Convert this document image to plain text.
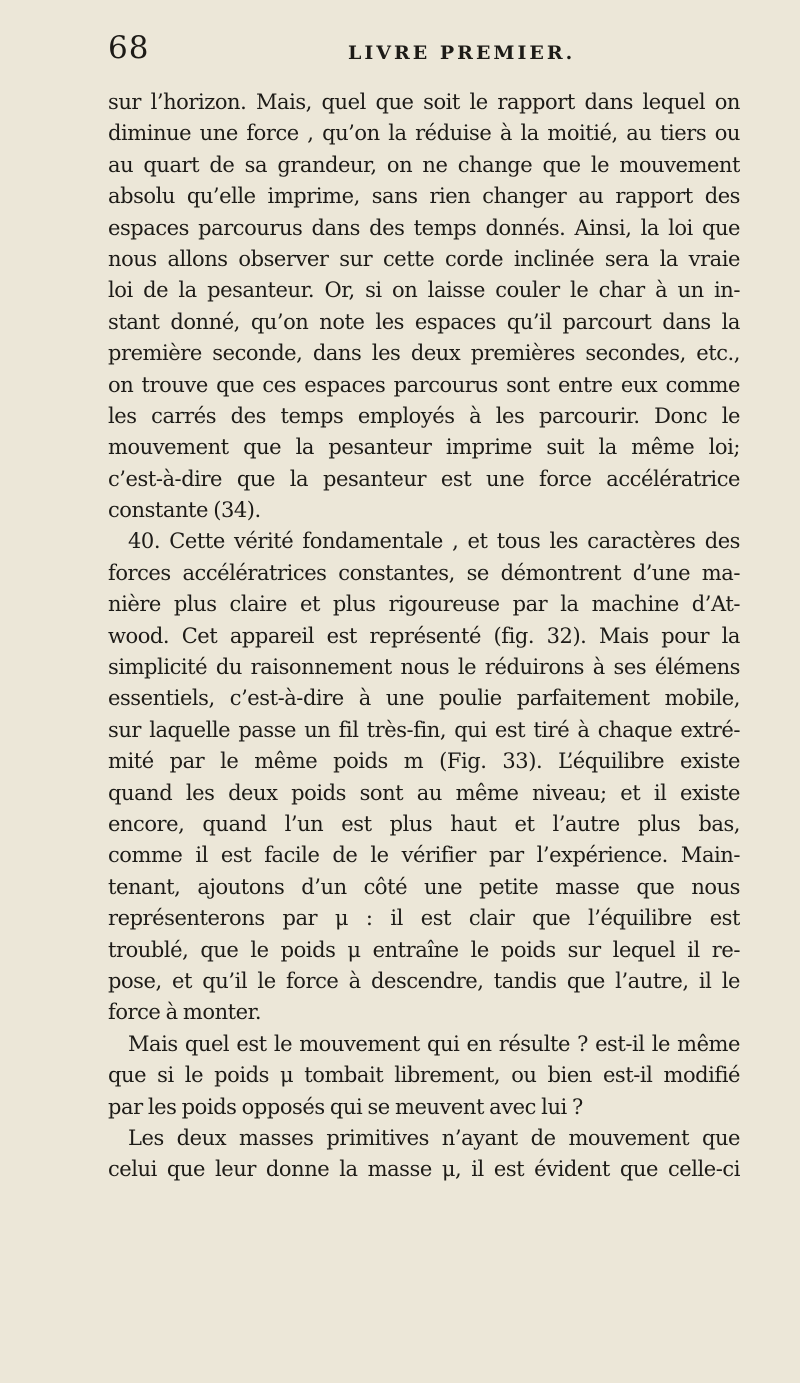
68	LIVRE PREMIER.
sur l’horizon. Mais, quel que soit le rapport dans lequel on
diminue une force , qu’on la réduise à la moitié, au tiers ou
au quart de sa grandeur, on ne change que le mouvement
absolu qu’elle imprime, sans rien changer au rapport des
espaces parcourus dans des temps donnés. Ainsi, la loi que
nous allons observer sur cette corde inclinée sera la vraie
loi de la pesanteur. Or, si on laisse couler le char à un in-
stant donné, qu’on note les espaces qu’il parcourt dans la
première seconde, dans les deux premières secondes, etc.,
on trouve que ces espaces parcourus sont entre eux comme
les carrés des temps employés à les parcourir. Donc le
mouvement que la pesanteur imprime suit la même loi;
c’est-à-dire que la pesanteur est une force accélératrice
constante (34).
40. Cette vérité fondamentale , et tous les caractères des
forces accélératrices constantes, se démontrent d’une ma-
nière plus claire et plus rigoureuse par la machine d’At-
wood. Cet appareil est représenté (fig. 32). Mais pour la
simplicité du raisonnement nous le réduirons à ses élémens
essentiels, c’est-à-dire à une poulie parfaitement mobile,
sur laquelle passe un fil très-fin, qui est tiré à chaque extré-
mité par le même poids m (Fig. 33). L’équilibre existe
quand les deux poids sont au même niveau; et il existe
encore, quand l’un est plus haut et l’autre plus bas,
comme il est facile de le vérifier par l’expérience. Main-
tenant, ajoutons d’un côté une petite masse que nous
représenterons par μ : il est clair que l’équilibre est
troublé, que le poids μ entraîne le poids sur lequel il re-
pose, et qu’il le force à descendre, tandis que l’autre, il le
force à monter.
Mais quel est le mouvement qui en résulte ? est-il le même
que si le poids μ tombait librement, ou bien est-il modifié
par les poids opposés qui se meuvent avec lui ?
Les deux masses primitives n’ayant de mouvement que
celui que leur donne la masse μ, il est évident que celle-ci
